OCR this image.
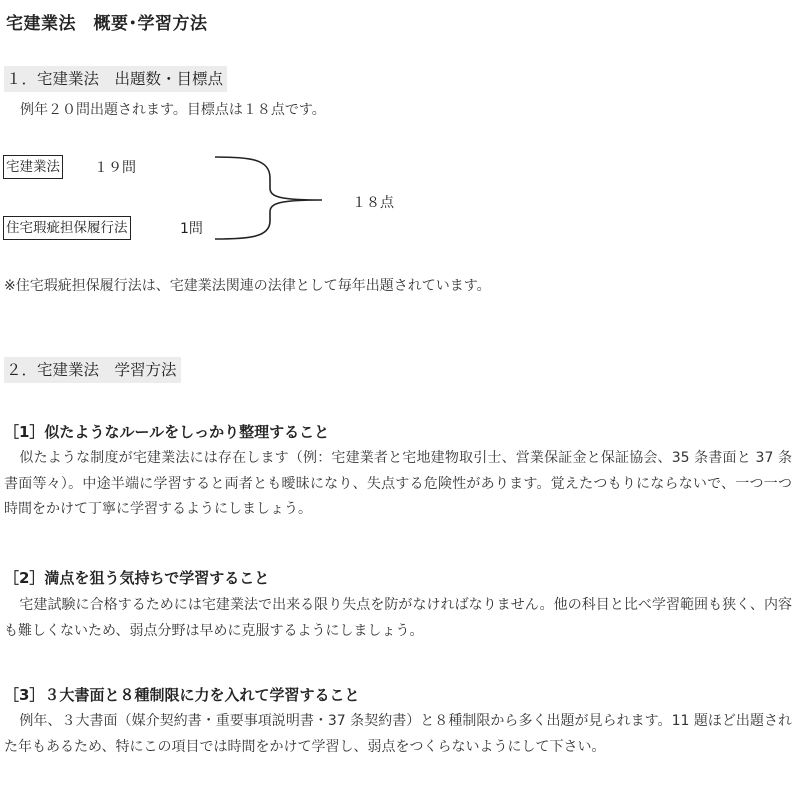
宅建業法　概要･学習方法
１．宅建業法　出題数・目標点
例年２０問出題されます。目標点は１８点です。
宅建業法 １９問
住宅瑕疵担保履行法	1問
１８点
※住宅瑕疵担保履行法は、宅建業法関連の法律として毎年出題されています。
２．宅建業法　学習方法
［1］似たようなルールをしっかり整理すること
似たような制度が宅建業法には存在します（例：宅建業者と宅地建物取引士、営業保証金と保証協会、35 条書面と 37 条書面等々）。中途半端に学習すると両者とも曖昧になり、失点する危険性があります。覚えたつもりにならないで、一つ一つ時間をかけて丁寧に学習するようにしましょう。
［2］満点を狙う気持ちで学習すること
宅建試験に合格するためには宅建業法で出来る限り失点を防がなければなりません。他の科目と比べ学習範囲も狭く、内容も難しくないため、弱点分野は早めに克服するようにしましょう。
［3］３大書面と８種制限に力を入れて学習すること
例年、３大書面（媒介契約書・重要事項説明書・37 条契約書）と８種制限から多く出題が見られます。11 題ほど出題された年もあるため、特にこの項目では時間をかけて学習し、弱点をつくらないようにして下さい。
